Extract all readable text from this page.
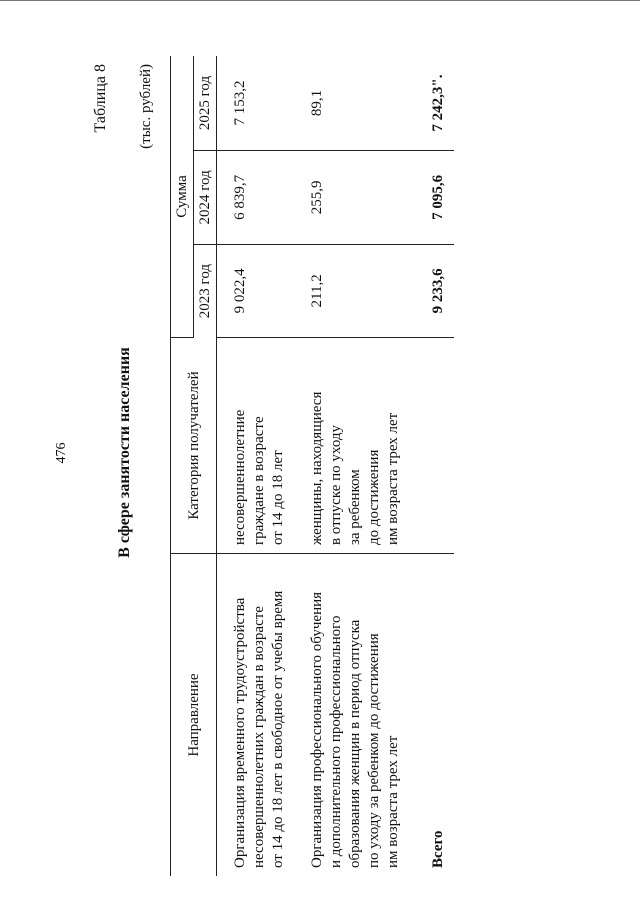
476
Таблица 8
В сфере занятости населения
(тыс. рублей)
Направление	Категория получателей	Сумма		
		2023 год	2024 год	2025 год
Организация временного трудоустройства
несовершеннолетних граждан в возрасте
от 14 до 18 лет в свободное от учебы время	несовершеннолетние
граждане в возрасте
от 14 до 18 лет	9 022,4	6 839,7	7 153,2
Организация профессионального обучения
и дополнительного профессионального
образования женщин в период отпуска
по уходу за ребенком до достижения
им возраста трех лет	женщины, находящиеся
в отпуске по уходу
за ребенком
до достижения
им возраста трех лет	211,2	255,9	89,1
Всего		9 233,6	7 095,6	7 242,3".
